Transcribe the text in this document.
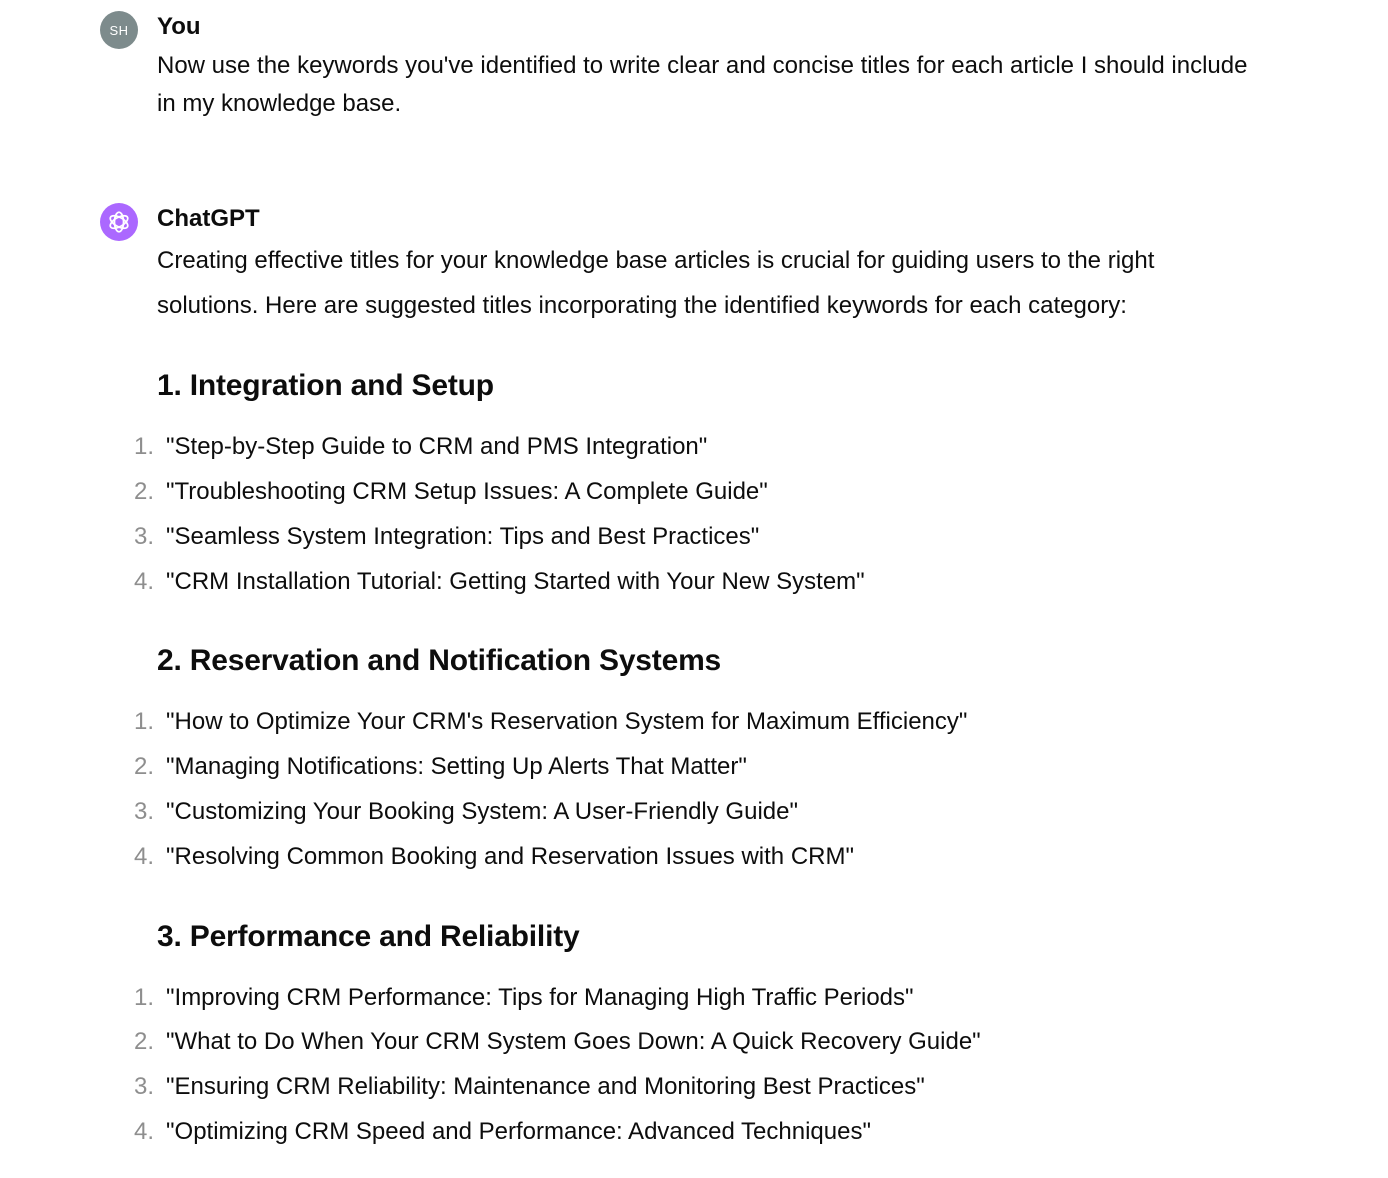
SH You

Now use the keywords you've identified to write clear and concise titles for each article I should include in my knowledge base.

ChatGPT

Creating effective titles for your knowledge base articles is crucial for guiding users to the right solutions. Here are suggested titles incorporating the identified keywords for each category:

1. Integration and Setup
1. "Step-by-Step Guide to CRM and PMS Integration"
2. "Troubleshooting CRM Setup Issues: A Complete Guide"
3. "Seamless System Integration: Tips and Best Practices"
4. "CRM Installation Tutorial: Getting Started with Your New System"
2. Reservation and Notification Systems
1. "How to Optimize Your CRM's Reservation System for Maximum Efficiency"
2. "Managing Notifications: Setting Up Alerts That Matter"
3. "Customizing Your Booking System: A User-Friendly Guide"
4. "Resolving Common Booking and Reservation Issues with CRM"
3. Performance and Reliability
1. "Improving CRM Performance: Tips for Managing High Traffic Periods"
2. "What to Do When Your CRM System Goes Down: A Quick Recovery Guide"
3. "Ensuring CRM Reliability: Maintenance and Monitoring Best Practices"
4. "Optimizing CRM Speed and Performance: Advanced Techniques"
